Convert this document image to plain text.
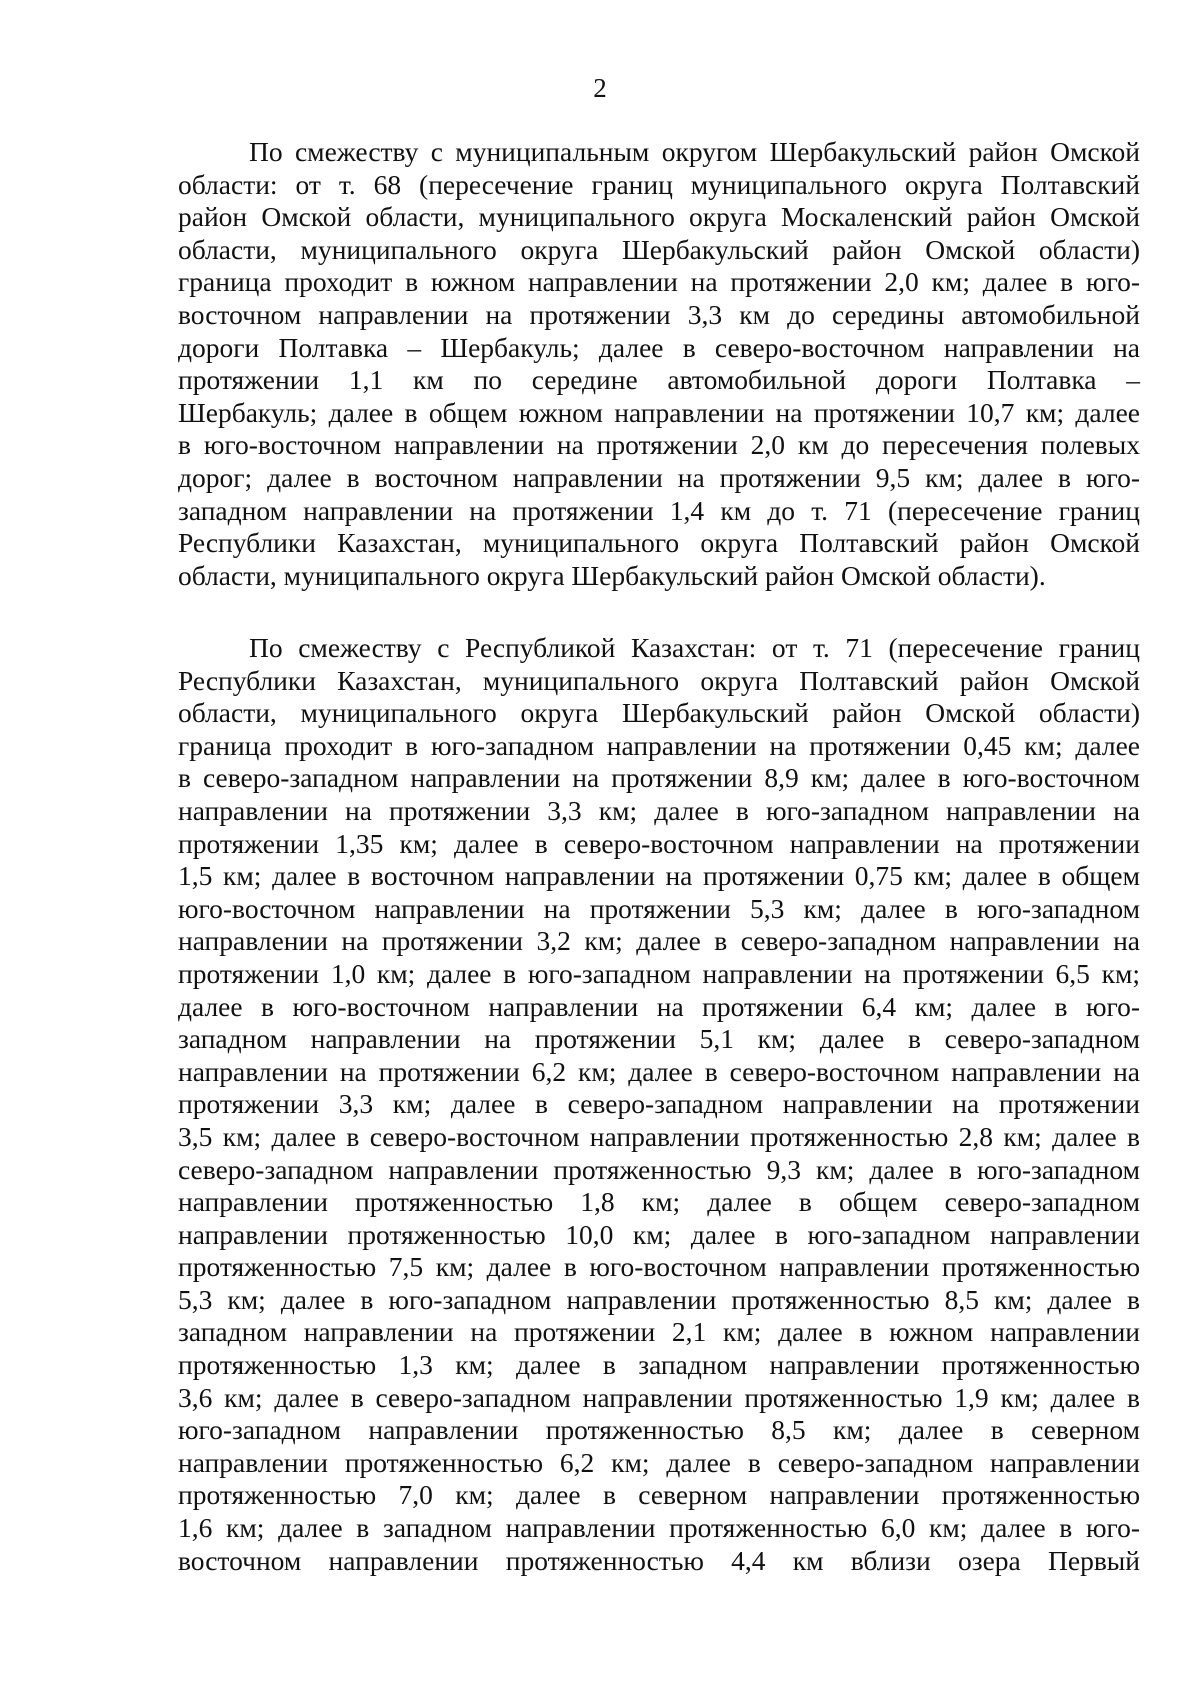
2
По смежеству с муниципальным округом Шербакульский район Омской
области: от т. 68 (пересечение границ муниципального округа Полтавский
район Омской области, муниципального округа Москаленский район Омской
области, муниципального округа Шербакульский район Омской области)
граница проходит в южном направлении на протяжении 2,0 км; далее в юго-
восточном направлении на протяжении 3,3 км до середины автомобильной
дороги Полтавка – Шербакуль; далее в северо-восточном направлении на
протяжении 1,1 км по середине автомобильной дороги Полтавка –
Шербакуль; далее в общем южном направлении на протяжении 10,7 км; далее
в юго-восточном направлении на протяжении 2,0 км до пересечения полевых
дорог; далее в восточном направлении на протяжении 9,5 км; далее в юго-
западном направлении на протяжении 1,4 км до т. 71 (пересечение границ
Республики Казахстан, муниципального округа Полтавский район Омской
области, муниципального округа Шербакульский район Омской области).
По смежеству с Республикой Казахстан: от т. 71 (пересечение границ
Республики Казахстан, муниципального округа Полтавский район Омской
области, муниципального округа Шербакульский район Омской области)
граница проходит в юго-западном направлении на протяжении 0,45 км; далее
в северо-западном направлении на протяжении 8,9 км; далее в юго-восточном
направлении на протяжении 3,3 км; далее в юго-западном направлении на
протяжении 1,35 км; далее в северо-восточном направлении на протяжении
1,5 км; далее в восточном направлении на протяжении 0,75 км; далее в общем
юго-восточном направлении на протяжении 5,3 км; далее в юго-западном
направлении на протяжении 3,2 км; далее в северо-западном направлении на
протяжении 1,0 км; далее в юго-западном направлении на протяжении 6,5 км;
далее в юго-восточном направлении на протяжении 6,4 км; далее в юго-
западном направлении на протяжении 5,1 км; далее в северо-западном
направлении на протяжении 6,2 км; далее в северо-восточном направлении на
протяжении 3,3 км; далее в северо-западном направлении на протяжении
3,5 км; далее в северо-восточном направлении протяженностью 2,8 км; далее в
северо-западном направлении протяженностью 9,3 км; далее в юго-западном
направлении протяженностью 1,8 км; далее в общем северо-западном
направлении протяженностью 10,0 км; далее в юго-западном направлении
протяженностью 7,5 км; далее в юго-восточном направлении протяженностью
5,3 км; далее в юго-западном направлении протяженностью 8,5 км; далее в
западном направлении на протяжении 2,1 км; далее в южном направлении
протяженностью 1,3 км; далее в западном направлении протяженностью
3,6 км; далее в северо-западном направлении протяженностью 1,9 км; далее в
юго-западном направлении протяженностью 8,5 км; далее в северном
направлении протяженностью 6,2 км; далее в северо-западном направлении
протяженностью 7,0 км; далее в северном направлении протяженностью
1,6 км; далее в западном направлении протяженностью 6,0 км; далее в юго-
восточном направлении протяженностью 4,4 км вблизи озера Первый
